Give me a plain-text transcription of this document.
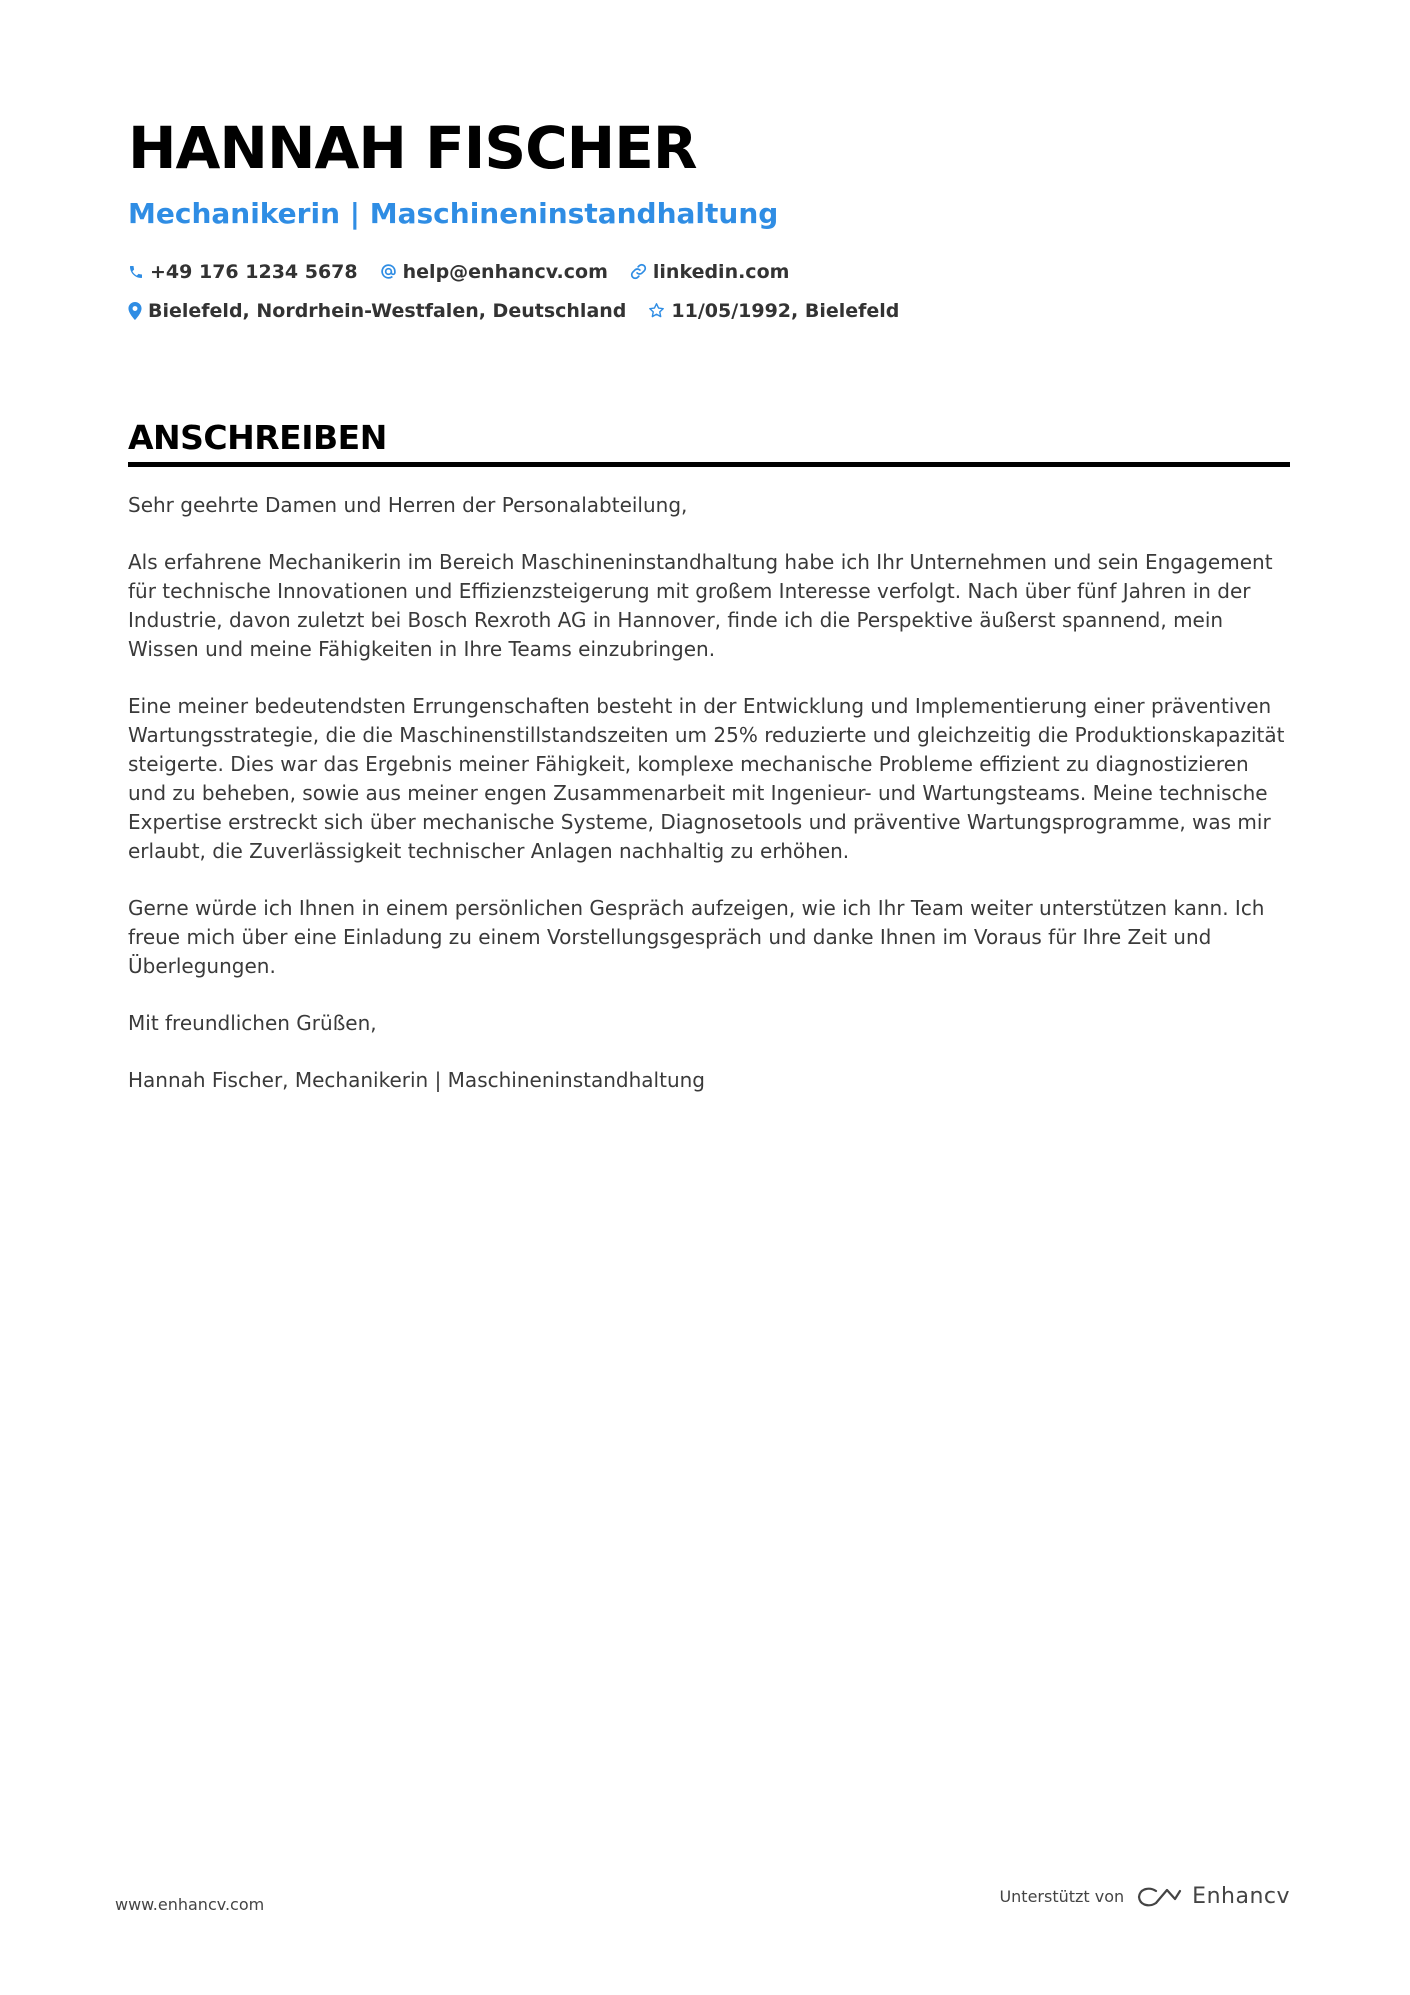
HANNAH FISCHER
Mechanikerin | Maschineninstandhaltung
+49 176 1234 5678 help@enhancv.com linkedin.com
Bielefeld, Nordrhein-Westfalen, Deutschland 11/05/1992, Bielefeld
ANSCHREIBEN

Sehr geehrte Damen und Herren der Personalabteilung,

Als erfahrene Mechanikerin im Bereich Maschineninstandhaltung habe ich Ihr Unternehmen und sein Engagement für technische Innovationen und Effizienzsteigerung mit großem Interesse verfolgt. Nach über fünf Jahren in der Industrie, davon zuletzt bei Bosch Rexroth AG in Hannover, finde ich die Perspektive äußerst spannend, mein Wissen und meine Fähigkeiten in Ihre Teams einzubringen.

Eine meiner bedeutendsten Errungenschaften besteht in der Entwicklung und Implementierung einer präventiven Wartungsstrategie, die die Maschinenstillstandszeiten um 25% reduzierte und gleichzeitig die Produktionskapazität steigerte. Dies war das Ergebnis meiner Fähigkeit, komplexe mechanische Probleme effizient zu diagnostizieren und zu beheben, sowie aus meiner engen Zusammenarbeit mit Ingenieur- und Wartungsteams. Meine technische Expertise erstreckt sich über mechanische Systeme, Diagnosetools und präventive Wartungsprogramme, was mir erlaubt, die Zuverlässigkeit technischer Anlagen nachhaltig zu erhöhen.

Gerne würde ich Ihnen in einem persönlichen Gespräch aufzeigen, wie ich Ihr Team weiter unterstützen kann. Ich freue mich über eine Einladung zu einem Vorstellungsgespräch und danke Ihnen im Voraus für Ihre Zeit und Überlegungen.

Mit freundlichen Grüßen,

Hannah Fischer, Mechanikerin | Maschineninstandhaltung

www.enhancv.com	Unterstützt von	Enhancv
